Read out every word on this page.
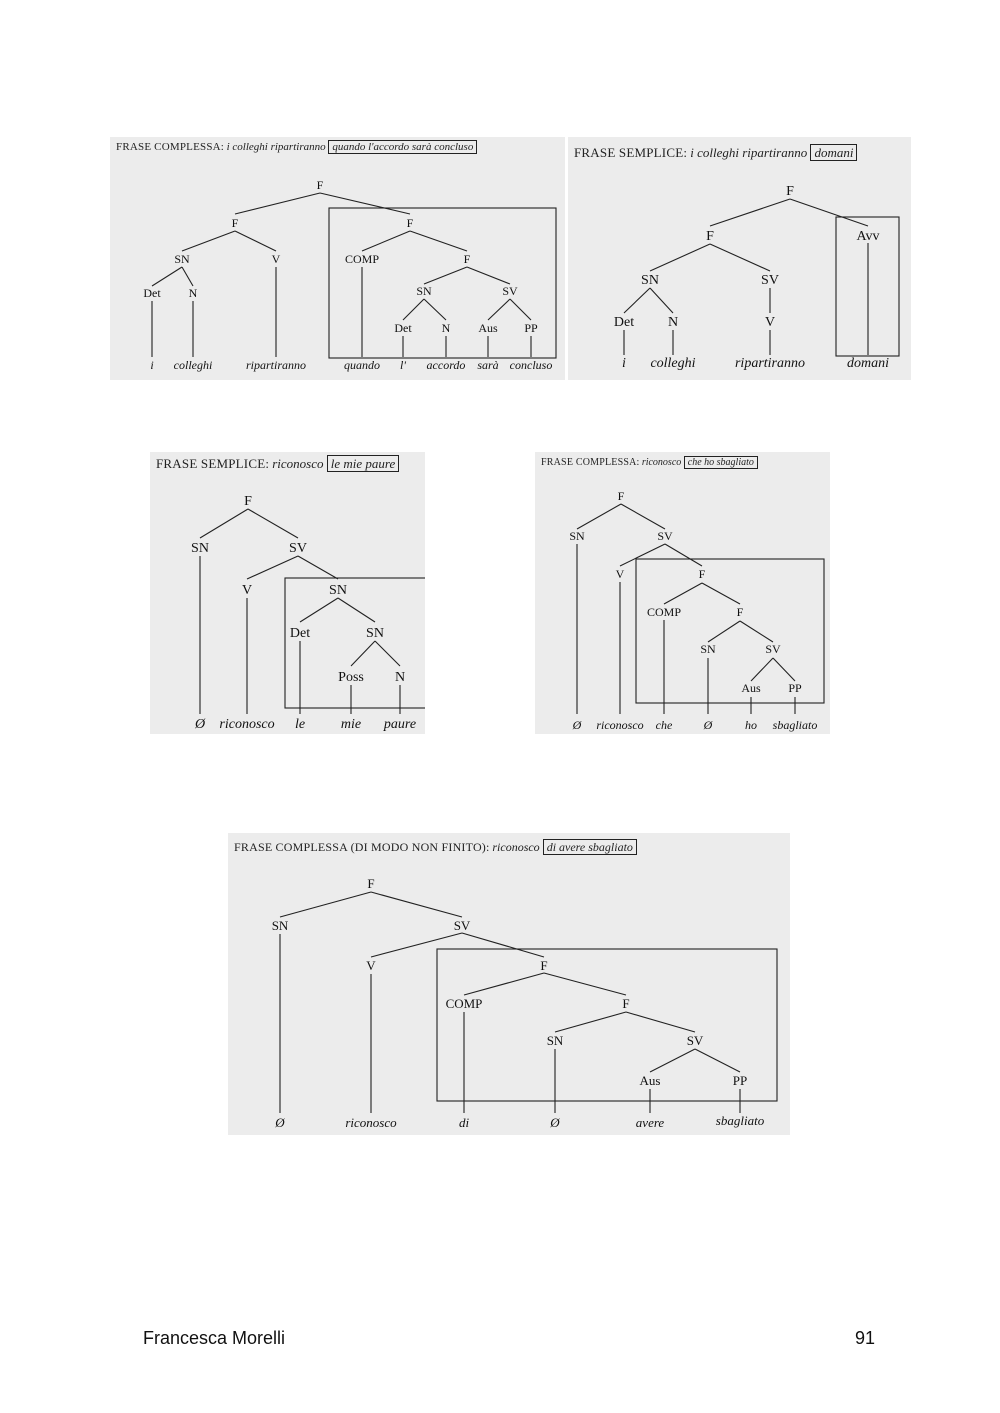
FRASE COMPLESSA: i colleghi ripartiranno quando l'accordo sarà concluso
F
F	F
SN	V	COMP	F
Det N	SN	SV
Det	N Aus PP
i colleghi	ripartiranno	quando l' accordo sarà concluso
FRASE SEMPLICE: i colleghi ripartiranno domani
F
F	Avv
SN	SV
Det N	V
i colleghi	ripartiranno	domani
FRASE SEMPLICE: riconosco le mie paure
F
SN	SV
V	SN
Det	SN
Poss N
Ø riconosco le	mie paure
FRASE COMPLESSA: riconosco che ho sbagliato
F
SN	SV
V	F
COMP	F
SN	SV
Aus PP
Ø riconosco che	Ø	ho sbagliato
FRASE COMPLESSA (DI MODO NON FINITO): riconosco di avere sbagliato
F
SN	SV
V	F
COMP	F
SN	SV
Aus	PP
Ø	riconosco	di	Ø	avere	sbagliato
Francesca Morelli	91
